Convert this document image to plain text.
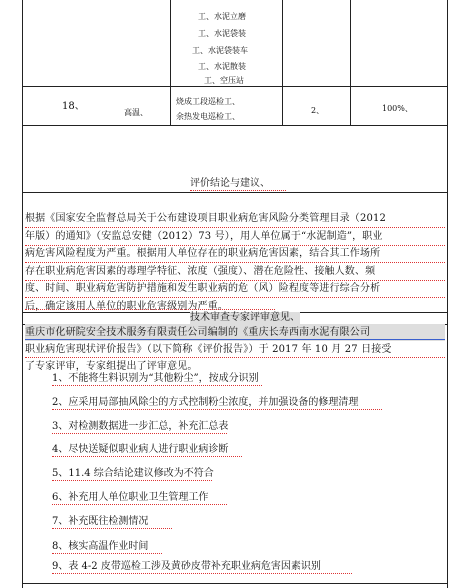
工、水泥立磨
工、水泥袋装
工、水泥袋装车
工、水泥散装
工、空压站
18、
高温、
烧成工段巡检工、
余热发电巡检工、
2、	100%、
评价结论与建议、
根据《国家安全监督总局关于公布建设项目职业病危害风险分类管理目录（2012
年版）的通知》（安监总安健（2012）73 号），用人单位属于“水泥制造”，职业
病危害风险程度为严重。根据用人单位存在的职业病危害因素，结合其工作场所
存在职业病危害因素的毒理学特征、浓度（强度）、潜在危险性、接触人数、频
度、时间、职业病危害防护措施和发生职业病的危（风）险程度等进行综合分析
后，确定该用人单位的职业危害级别为严重。
技术审查专家评审意见、
重庆市化研院安全技术服务有限责任公司编制的《重庆长寿西南水泥有限公司
职业病危害现状评价报告》（以下简称《评价报告》）于 2017 年 10 月 27 日接受
了专家评审，专家组提出了评审意见。
1、不能将生料识别为“其他粉尘”，按成分识别
2、应采用局部抽风除尘的方式控制粉尘浓度，并加强设备的修理清理
3、对检测数据进一步汇总，补充汇总表
4、尽快送疑似职业病人进行职业病诊断
5、11.4 综合结论建议修改为不符合
6、补充用人单位职业卫生管理工作
7、补充既往检测情况
8、核实高温作业时间
9、表 4-2 皮带巡检工涉及黄砂皮带补充职业病危害因素识别
